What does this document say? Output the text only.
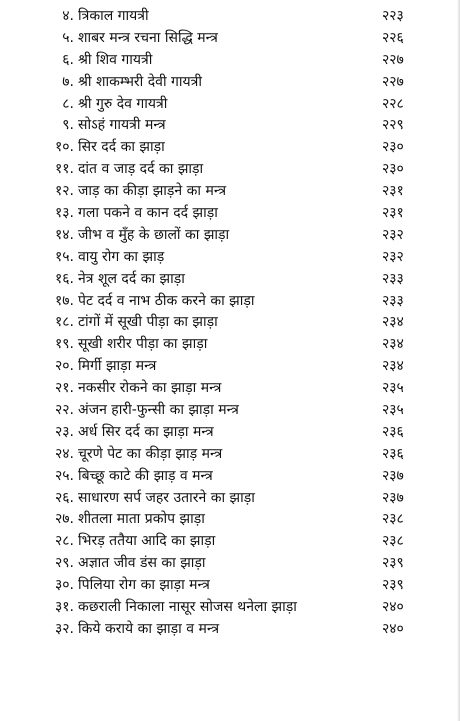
४. त्रिकाल गायत्री	२२३
५. शाबर मन्त्र रचना सिद्धि मन्त्र	२२६
६. श्री शिव गायत्री	२२७
७. श्री शाकम्भरी देवी गायत्री	२२७
८. श्री गुरु देव गायत्री	२२८
९. सोऽहं गायत्री मन्त्र	२२९
१०. सिर दर्द का झाड़ा	२३०
११. दांत व जाड़ दर्द का झाड़ा	२३०
१२. जाड़ का कीड़ा झाड़ने का मन्त्र	२३१
१३. गला पकने व कान दर्द झाड़ा	२३१
१४. जीभ व मुँह के छालों का झाड़ा	२३२
१५. वायु रोग का झाड़	२३२
१६. नेत्र शूल दर्द का झाड़ा	२३३
१७. पेट दर्द व नाभ ठीक करने का झाड़ा	२३३
१८. टांगों में सूखी पीड़ा का झाड़ा	२३४
१९. सूखी शरीर पीड़ा का झाड़ा	२३४
२०. मिर्गी झाड़ा मन्त्र	२३४
२१. नकसीर रोकने का झाड़ा मन्त्र	२३५
२२. अंजन हारी-फुन्सी का झाड़ा मन्त्र	२३५
२३. अर्ध सिर दर्द का झाड़ा मन्त्र	२३६
२४. चूरणे पेट का कीड़ा झाड़ मन्त्र	२३६
२५. बिच्छू काटे की झाड़ व मन्त्र	२३७
२६. साधारण सर्प जहर उतारने का झाड़ा	२३७
२७. शीतला माता प्रकोप झाड़ा	२३८
२८. भिरड़ ततैया आदि का झाड़ा	२३८
२९. अज्ञात जीव डंस का झाड़ा	२३९
३०. पिलिया रोग का झाड़ा मन्त्र	२३९
३१. कछराली निकाला नासूर सोजस थनेला झाड़ा	२४०
३२. किये कराये का झाड़ा व मन्त्र	२४०
